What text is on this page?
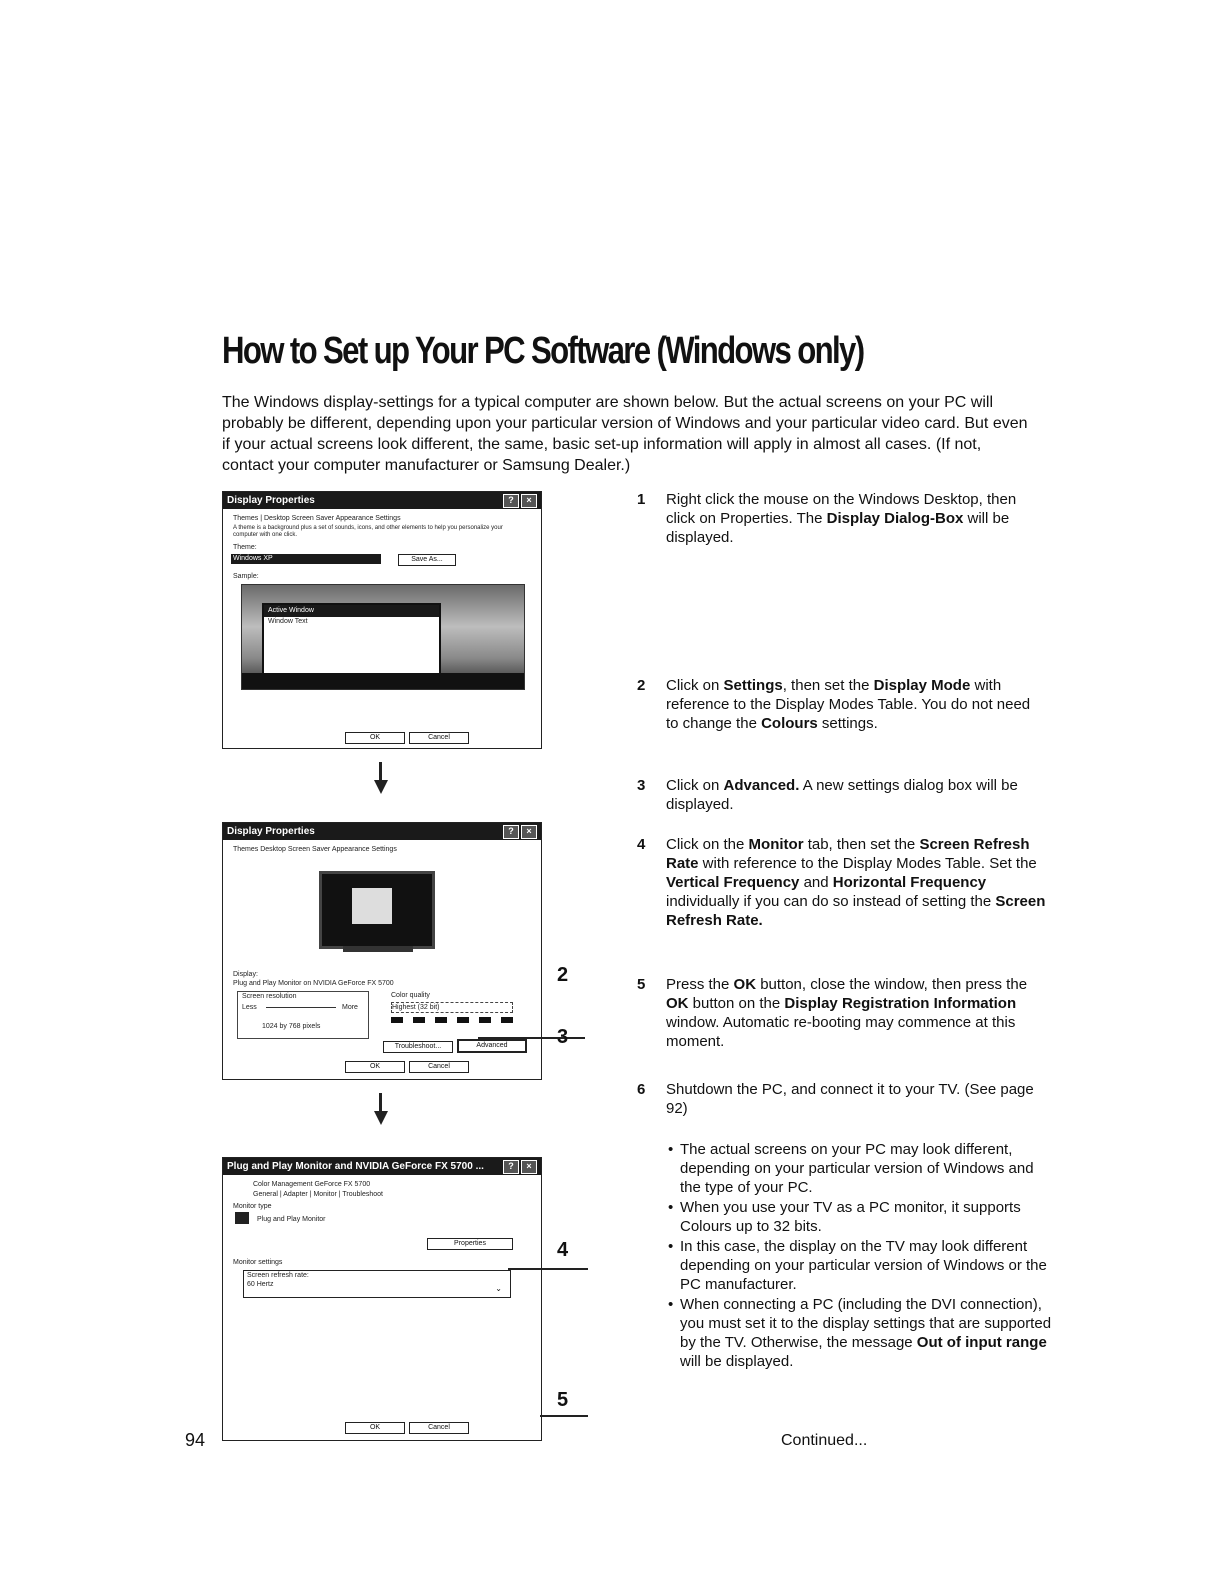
How to Set up Your PC Software (Windows only)

The Windows display-settings for a typical computer are shown below. But the actual screens on your PC will probably be different, depending upon your particular version of Windows and your particular video card. But even if your actual screens look different, the same, basic set-up information will apply in almost all cases. (If not, contact your computer manufacturer or Samsung Dealer.)

Display Properties	?	×
Themes | Desktop Screen Saver Appearance Settings
A theme is a background plus a set of sounds, icons, and other elements to help you personalize your computer with one click.
Theme:
Windows XP	Save As...
Sample:
Active Window
Window Text
OK	Cancel
Display Properties	?	×
Themes Desktop Screen Saver Appearance Settings
Display:
Plug and Play Monitor on NVIDIA GeForce FX 5700
Screen resolution
Less	More
1024 by 768 pixels
Color quality
Highest (32 bit)
Troubleshoot...	Advanced
OK	Cancel
Plug and Play Monitor and NVIDIA GeForce FX 5700 ...	?	×
Color Management GeForce FX 5700
General | Adapter | Monitor | Troubleshoot
Monitor type
Plug and Play Monitor
Properties
Monitor settings
Screen refresh rate:
60 Hertz	⌄
OK	Cancel
2
3
4
5
1 Right click the mouse on the Windows Desktop, then click on Properties. The Display Dialog-Box will be displayed.
2 Click on Settings, then set the Display Mode with reference to the Display Modes Table. You do not need to change the Colours settings.
3 Click on Advanced. A new settings dialog box will be displayed.
4 Click on the Monitor tab, then set the Screen Refresh Rate with reference to the Display Modes Table. Set the Vertical Frequency and Horizontal Frequency individually if you can do so instead of setting the Screen Refresh Rate.
5 Press the OK button, close the window, then press the OK button on the Display Registration Information window. Automatic re-booting may commence at this moment.
6 Shutdown the PC, and connect it to your TV. (See page 92)
• The actual screens on your PC may look different, depending on your particular version of Windows and the type of your PC.
• When you use your TV as a PC monitor, it supports Colours up to 32 bits.
• In this case, the display on the TV may look different depending on your particular version of Windows or the PC manufacturer.
• When connecting a PC (including the DVI connection), you must set it to the display settings that are supported by the TV. Otherwise, the message Out of input range will be displayed.
94	Continued...
